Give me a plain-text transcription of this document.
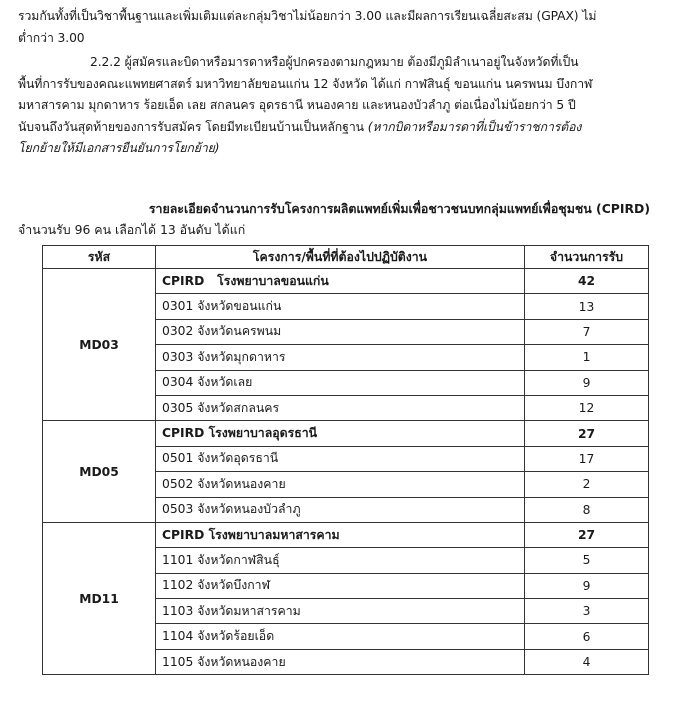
รวมกันทั้งที่เป็นวิชาพื้นฐานและเพิ่มเติมแต่ละกลุ่มวิชาไม่น้อยกว่า 3.00 และมีผลการเรียนเฉลี่ยสะสม (GPAX) ไม่
ต่ำกว่า 3.00
2.2.2 ผู้สมัครและบิดาหรือมารดาหรือผู้ปกครองตามกฎหมาย ต้องมีภูมิลำเนาอยู่ในจังหวัดที่เป็น
พื้นที่การรับของคณะแพทยศาสตร์ มหาวิทยาลัยขอนแก่น 12 จังหวัด ได้แก่ กาฬสินธุ์ ขอนแก่น นครพนม บึงกาฬ
มหาสารคาม มุกดาหาร ร้อยเอ็ด เลย สกลนคร อุดรธานี หนองคาย และหนองบัวลำภู ต่อเนื่องไม่น้อยกว่า 5 ปี
นับจนถึงวันสุดท้ายของการรับสมัคร โดยมีทะเบียนบ้านเป็นหลักฐาน (หากบิดาหรือมารดาที่เป็นข้าราชการต้อง
โยกย้ายให้มีเอกสารยืนยันการโยกย้าย)
รายละเอียดจำนวนการรับโครงการผลิตแพทย์เพิ่มเพื่อชาวชนบทกลุ่มแพทย์เพื่อชุมชน (CPIRD)
จำนวนรับ 96 คน เลือกได้ 13 อันดับ ได้แก่
รหัส	โครงการ/พื้นที่ที่ต้องไปปฏิบัติงาน	จำนวนการรับ
MD03	CPIRD   โรงพยาบาลขอนแก่น	42
	0301 จังหวัดขอนแก่น	13
	0302 จังหวัดนครพนม	7
	0303 จังหวัดมุกดาหาร	1
	0304 จังหวัดเลย	9
	0305 จังหวัดสกลนคร	12
MD05	CPIRD โรงพยาบาลอุดรธานี	27
	0501 จังหวัดอุดรธานี	17
	0502 จังหวัดหนองคาย	2
	0503 จังหวัดหนองบัวลำภู	8
MD11	CPIRD โรงพยาบาลมหาสารคาม	27
	1101 จังหวัดกาฬสินธุ์	5
	1102 จังหวัดบึงกาฬ	9
	1103 จังหวัดมหาสารคาม	3
	1104 จังหวัดร้อยเอ็ด	6
	1105 จังหวัดหนองคาย	4
